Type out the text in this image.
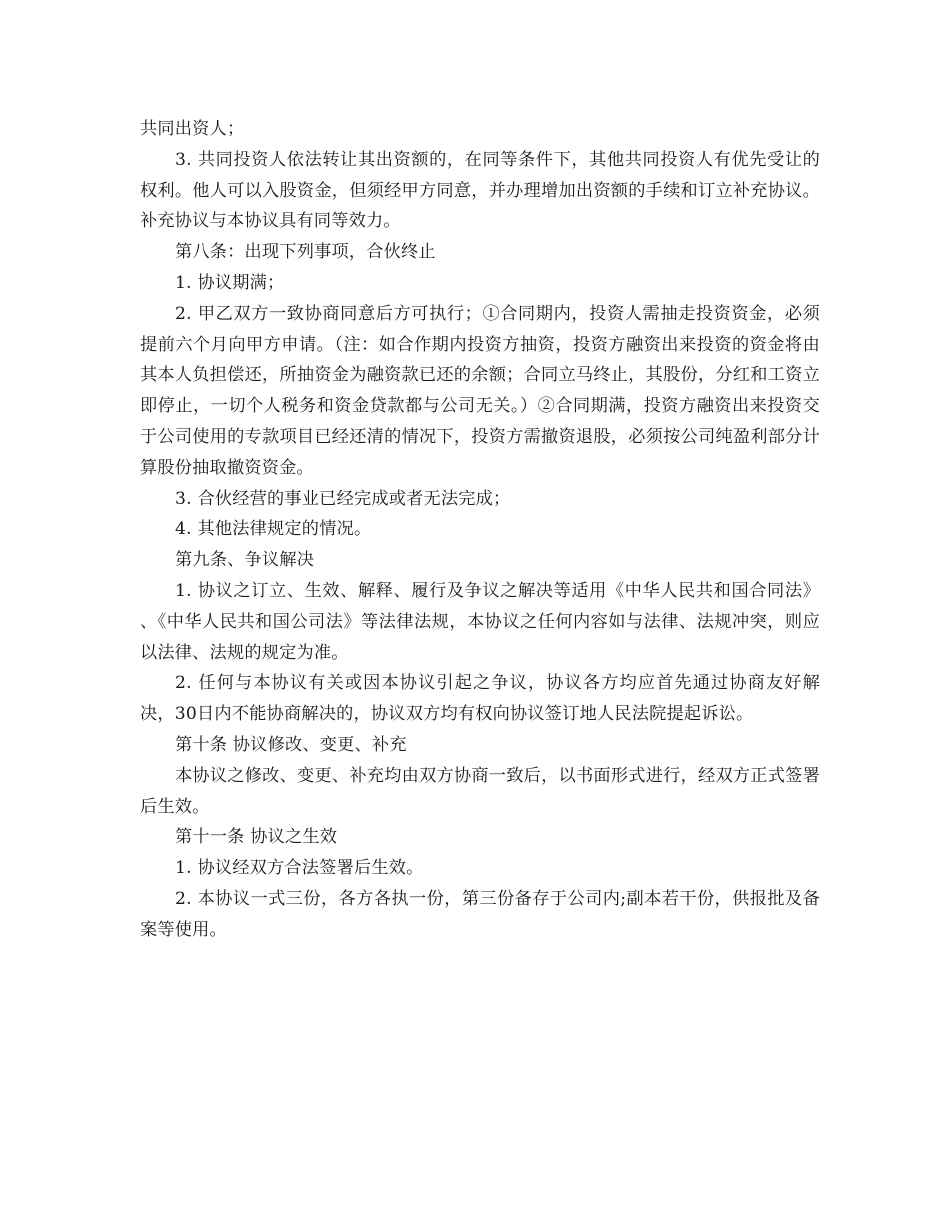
共同出资人；

3. 共同投资人依法转让其出资额的，在同等条件下，其他共同投资人有优先受让的权利。他人可以入股资金，但须经甲方同意，并办理增加出资额的手续和订立补充协议。补充协议与本协议具有同等效力。

第八条：出现下列事项，合伙终止

1. 协议期满；

2. 甲乙双方一致协商同意后方可执行；①合同期内，投资人需抽走投资资金，必须提前六个月向甲方申请。（注：如合作期内投资方抽资，投资方融资出来投资的资金将由其本人负担偿还，所抽资金为融资款已还的余额；合同立马终止，其股份，分红和工资立即停止，一切个人税务和资金贷款都与公司无关。）②合同期满，投资方融资出来投资交于公司使用的专款项目已经还清的情况下，投资方需撤资退股，必须按公司纯盈利部分计算股份抽取撤资资金。

3. 合伙经营的事业已经完成或者无法完成；

4. 其他法律规定的情况。

第九条、争议解决

1. 协议之订立、生效、解释、履行及争议之解决等适用《中华人民共和国合同法》 、《中华人民共和国公司法》等法律法规，本协议之任何内容如与法律、法规冲突，则应以法律、法规的规定为准。

2. 任何与本协议有关或因本协议引起之争议，协议各方均应首先通过协商友好解决，30日内不能协商解决的，协议双方均有权向协议签订地人民法院提起诉讼。

第十条 协议修改、变更、补充

本协议之修改、变更、补充均由双方协商一致后，以书面形式进行，经双方正式签署后生效。

第十一条 协议之生效

1. 协议经双方合法签署后生效。

2. 本协议一式三份，各方各执一份，第三份备存于公司内;副本若干份，供报批及备案等使用。
